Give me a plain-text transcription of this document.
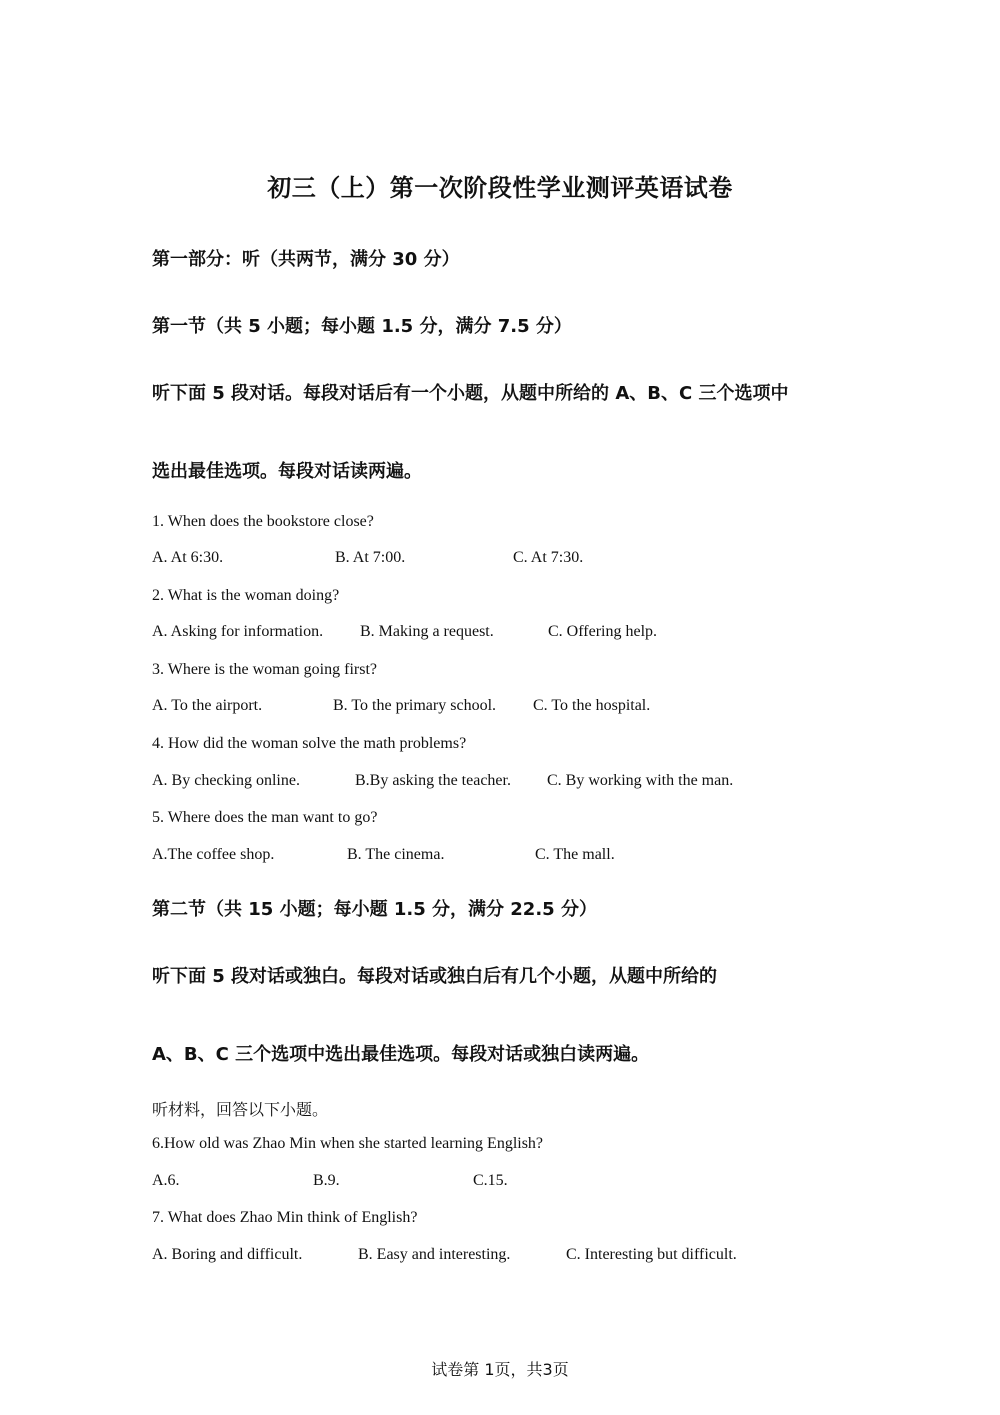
初三（上）第一次阶段性学业测评英语试卷
第一部分：听（共两节，满分 30 分）
第一节（共 5 小题；每小题 1.5 分，满分 7.5 分）
听下面 5 段对话。每段对话后有一个小题，从题中所给的 A、B、C 三个选项中
选出最佳选项。每段对话读两遍。
1. When does the bookstore close?
A. At 6:30.	B. At 7:00.	C. At 7:30.
2. What is the woman doing?
A. Asking for information. B. Making a request.	C. Offering help.
3. Where is the woman going first?
A. To the airport.	B. To the primary school. C. To the hospital.
4. How did the woman solve the math problems?
A. By checking online.	B.By asking the teacher. C. By working with the man.
5. Where does the man want to go?
A.The coffee shop.	B. The cinema.	C. The mall.
第二节（共 15 小题；每小题 1.5 分，满分 22.5 分）
听下面 5 段对话或独白。每段对话或独白后有几个小题，从题中所给的
A、B、C 三个选项中选出最佳选项。每段对话或独白读两遍。
听材料，回答以下小题。
6.How old was Zhao Min when she started learning English?
A.6.	B.9.	C.15.
7. What does Zhao Min think of English?
A. Boring and difficult.	B. Easy and interesting.	C. Interesting but difficult.
试卷第 1页，共3页
